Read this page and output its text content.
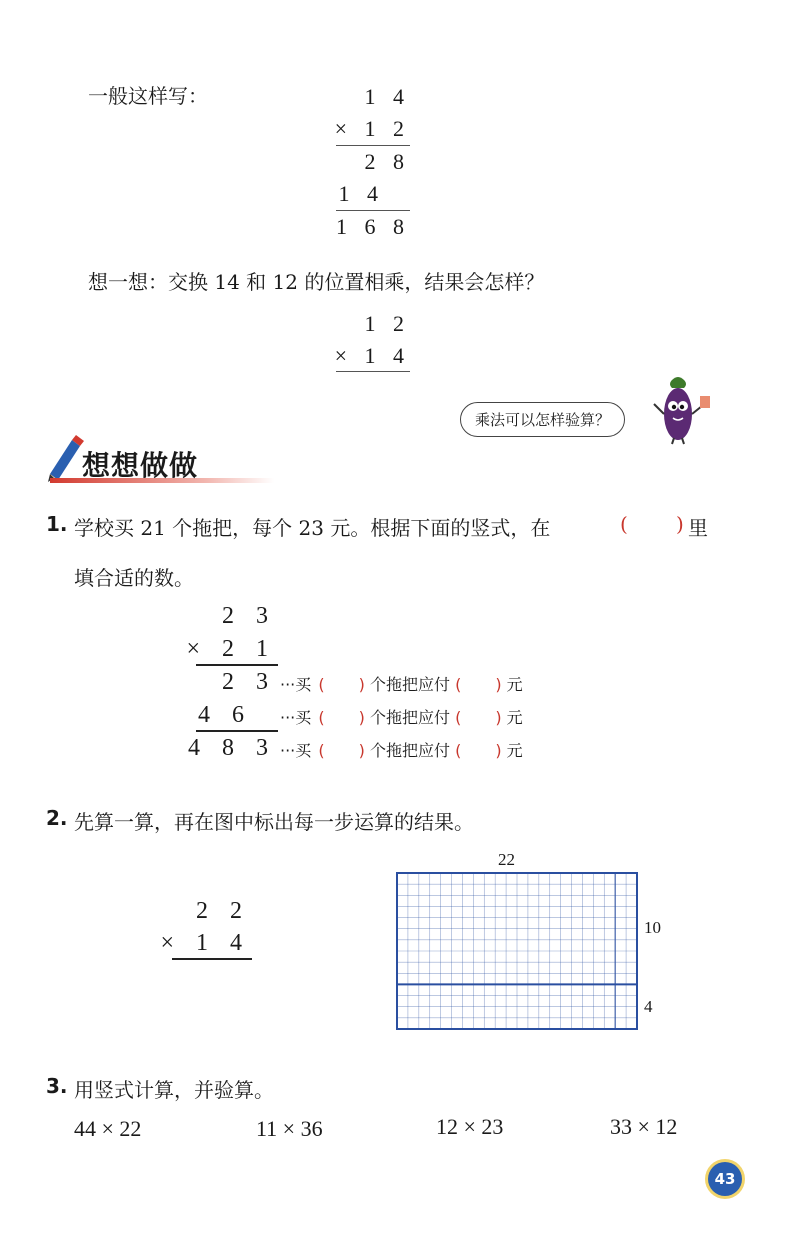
一般这样写：	1 4
× 1 2
2 8
1 4
1 6 8
想一想：交换 14 和 12 的位置相乘，结果会怎样？
1 2
× 1 4
乘法可以怎样验算？
想想做做
1. 学校买 21 个拖把，每个 23 元。根据下面的竖式，在	( ) 里
填合适的数。
2 3
× 2 1
2 3
4 6
4 8 3
···买 ( ) 个拖把应付 ( ) 元
···买 ( ) 个拖把应付 ( ) 元
···买 ( ) 个拖把应付 ( ) 元
2. 先算一算，再在图中标出每一步运算的结果。
2 2
× 1 4
22
10
4
3. 用竖式计算，并验算。
44 × 22	11 × 36	12 × 23	33 × 12
43
